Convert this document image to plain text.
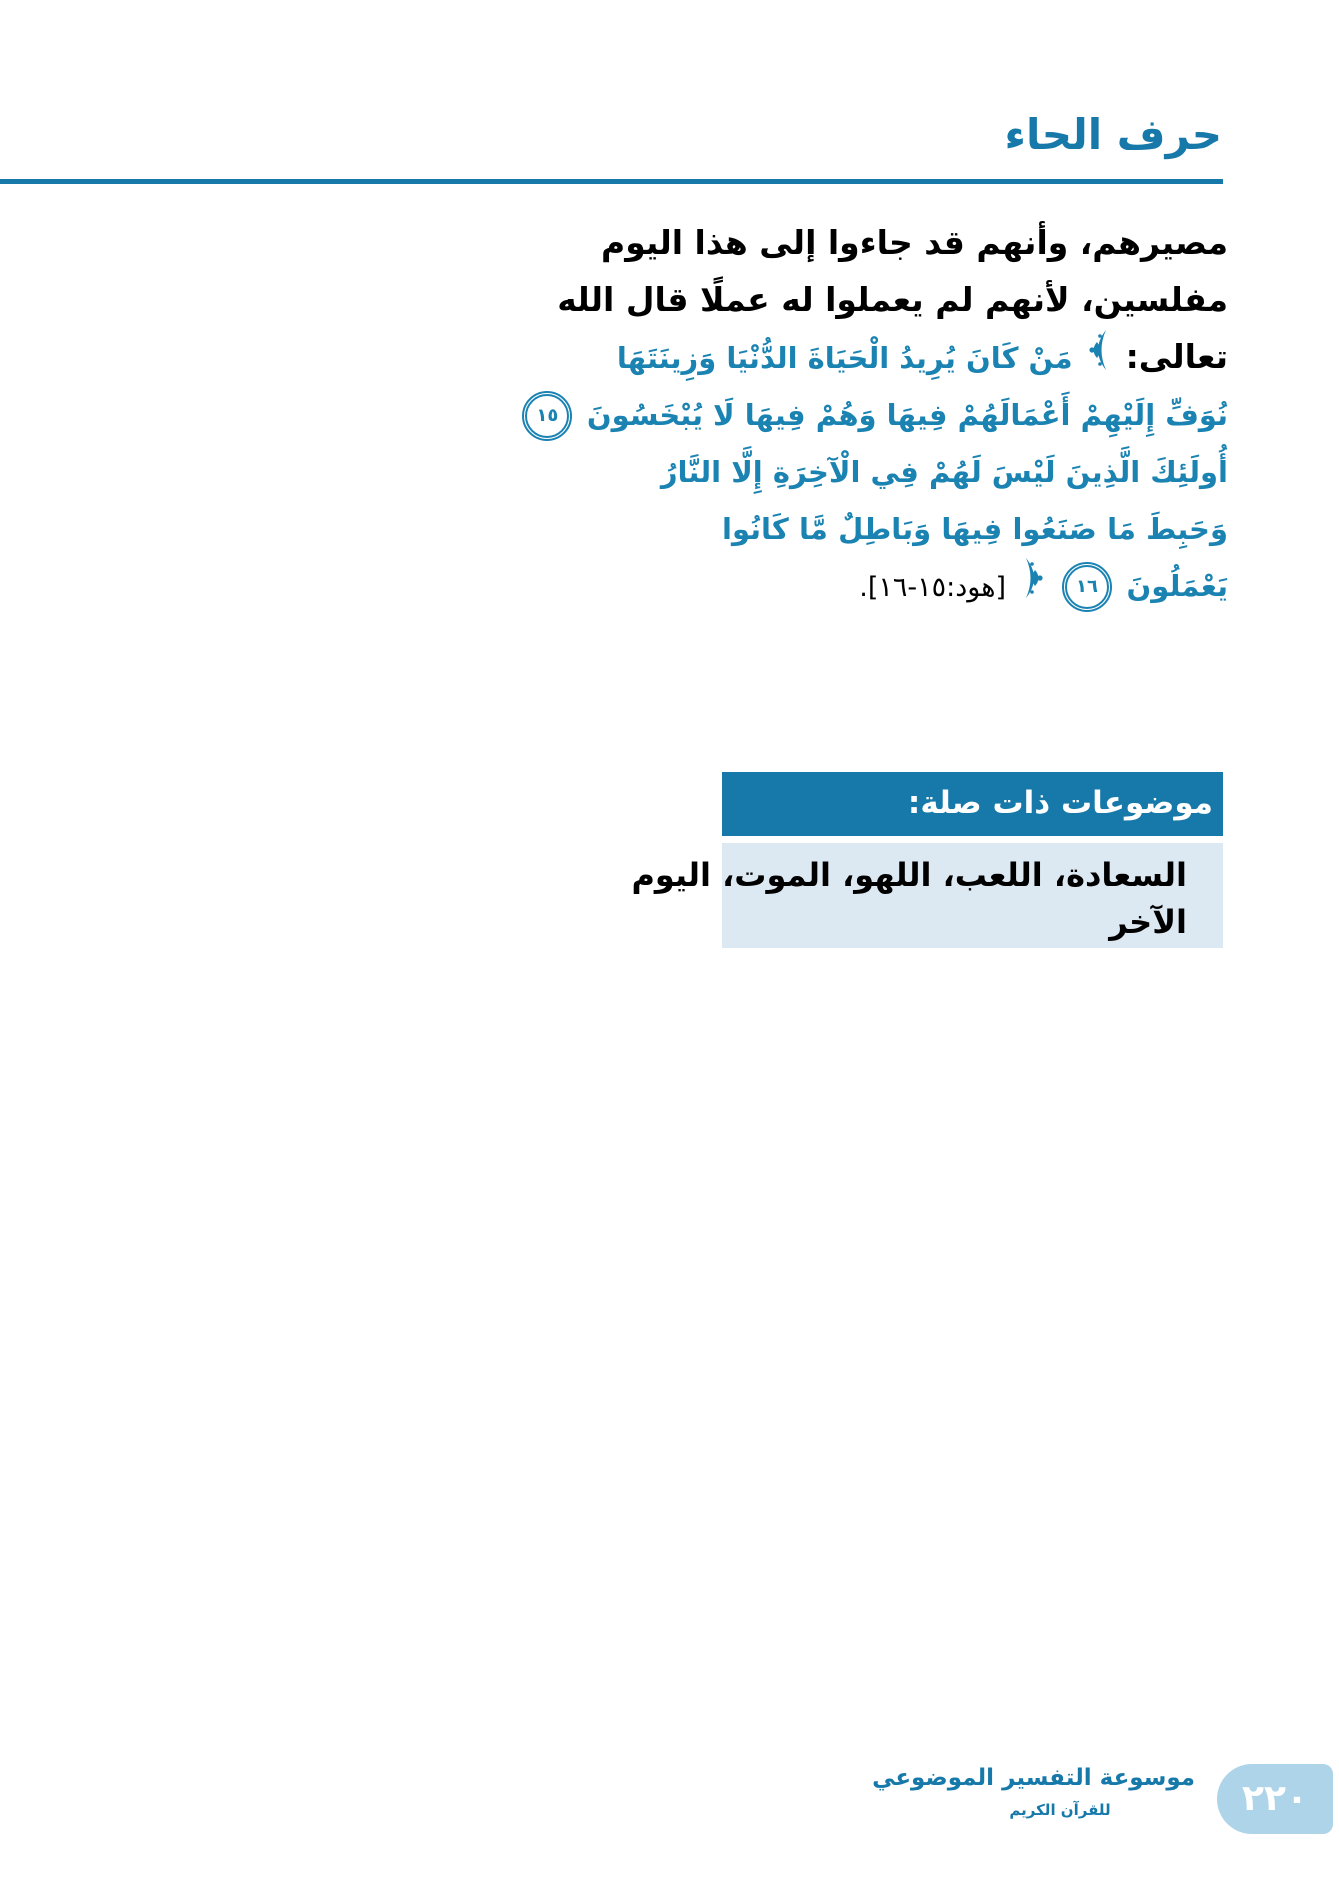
حرف الحاء
مصيرهم، وأنهم قد جاءوا إلى هذا اليوم
مفلسين، لأنهم لم يعملوا له عملًا قال الله
تعالى:  مَنْ كَانَ يُرِيدُ الْحَيَاةَ الدُّنْيَا وَزِينَتَهَا
نُوَفِّ إِلَيْهِمْ أَعْمَالَهُمْ فِيهَا وَهُمْ فِيهَا لَا يُبْخَسُونَ ١٥
أُولَئِكَ الَّذِينَ لَيْسَ لَهُمْ فِي الْآخِرَةِ إِلَّا النَّارُ
وَحَبِطَ مَا صَنَعُوا فِيهَا وَبَاطِلٌ مَّا كَانُوا
يَعْمَلُونَ ١٦  [هود:١٥-١٦].
موضوعات ذات صلة:
السعادة، اللعب، اللهو، الموت، اليوم
الآخر
موسوعة التفسير الموضوعي
للقرآن الكريم	٢٢٠
